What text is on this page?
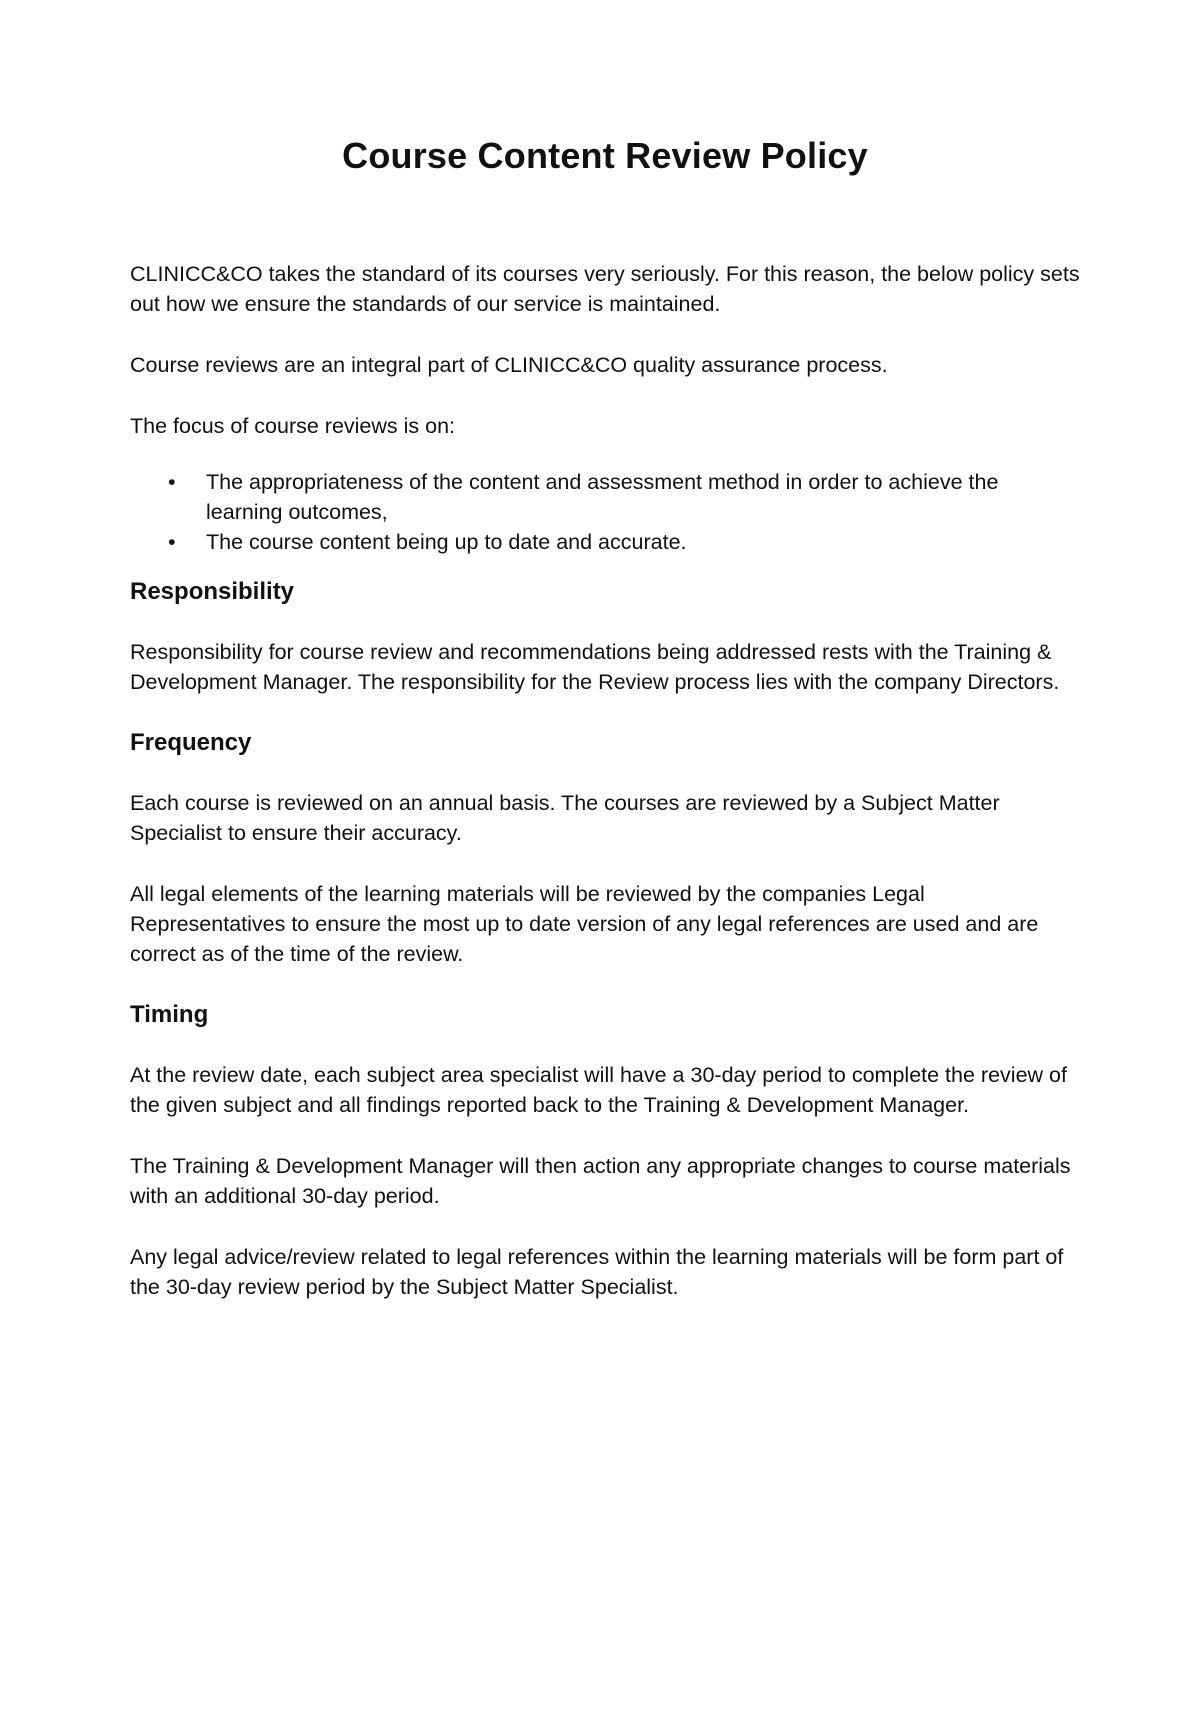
Course Content Review Policy

CLINICC&CO takes the standard of its courses very seriously. For this reason, the below policy sets out how we ensure the standards of our service is maintained.

Course reviews are an integral part of CLINICC&CO quality assurance process.

The focus of course reviews is on:

• The appropriateness of the content and assessment method in order to achieve the learning outcomes,
• The course content being up to date and accurate.
Responsibility

Responsibility for course review and recommendations being addressed rests with the Training & Development Manager. The responsibility for the Review process lies with the company Directors.

Frequency

Each course is reviewed on an annual basis. The courses are reviewed by a Subject Matter Specialist to ensure their accuracy.

All legal elements of the learning materials will be reviewed by the companies Legal Representatives to ensure the most up to date version of any legal references are used and are correct as of the time of the review.

Timing

At the review date, each subject area specialist will have a 30-day period to complete the review of the given subject and all findings reported back to the Training & Development Manager.

The Training & Development Manager will then action any appropriate changes to course materials with an additional 30-day period.

Any legal advice/review related to legal references within the learning materials will be form part of the 30-day review period by the Subject Matter Specialist.
